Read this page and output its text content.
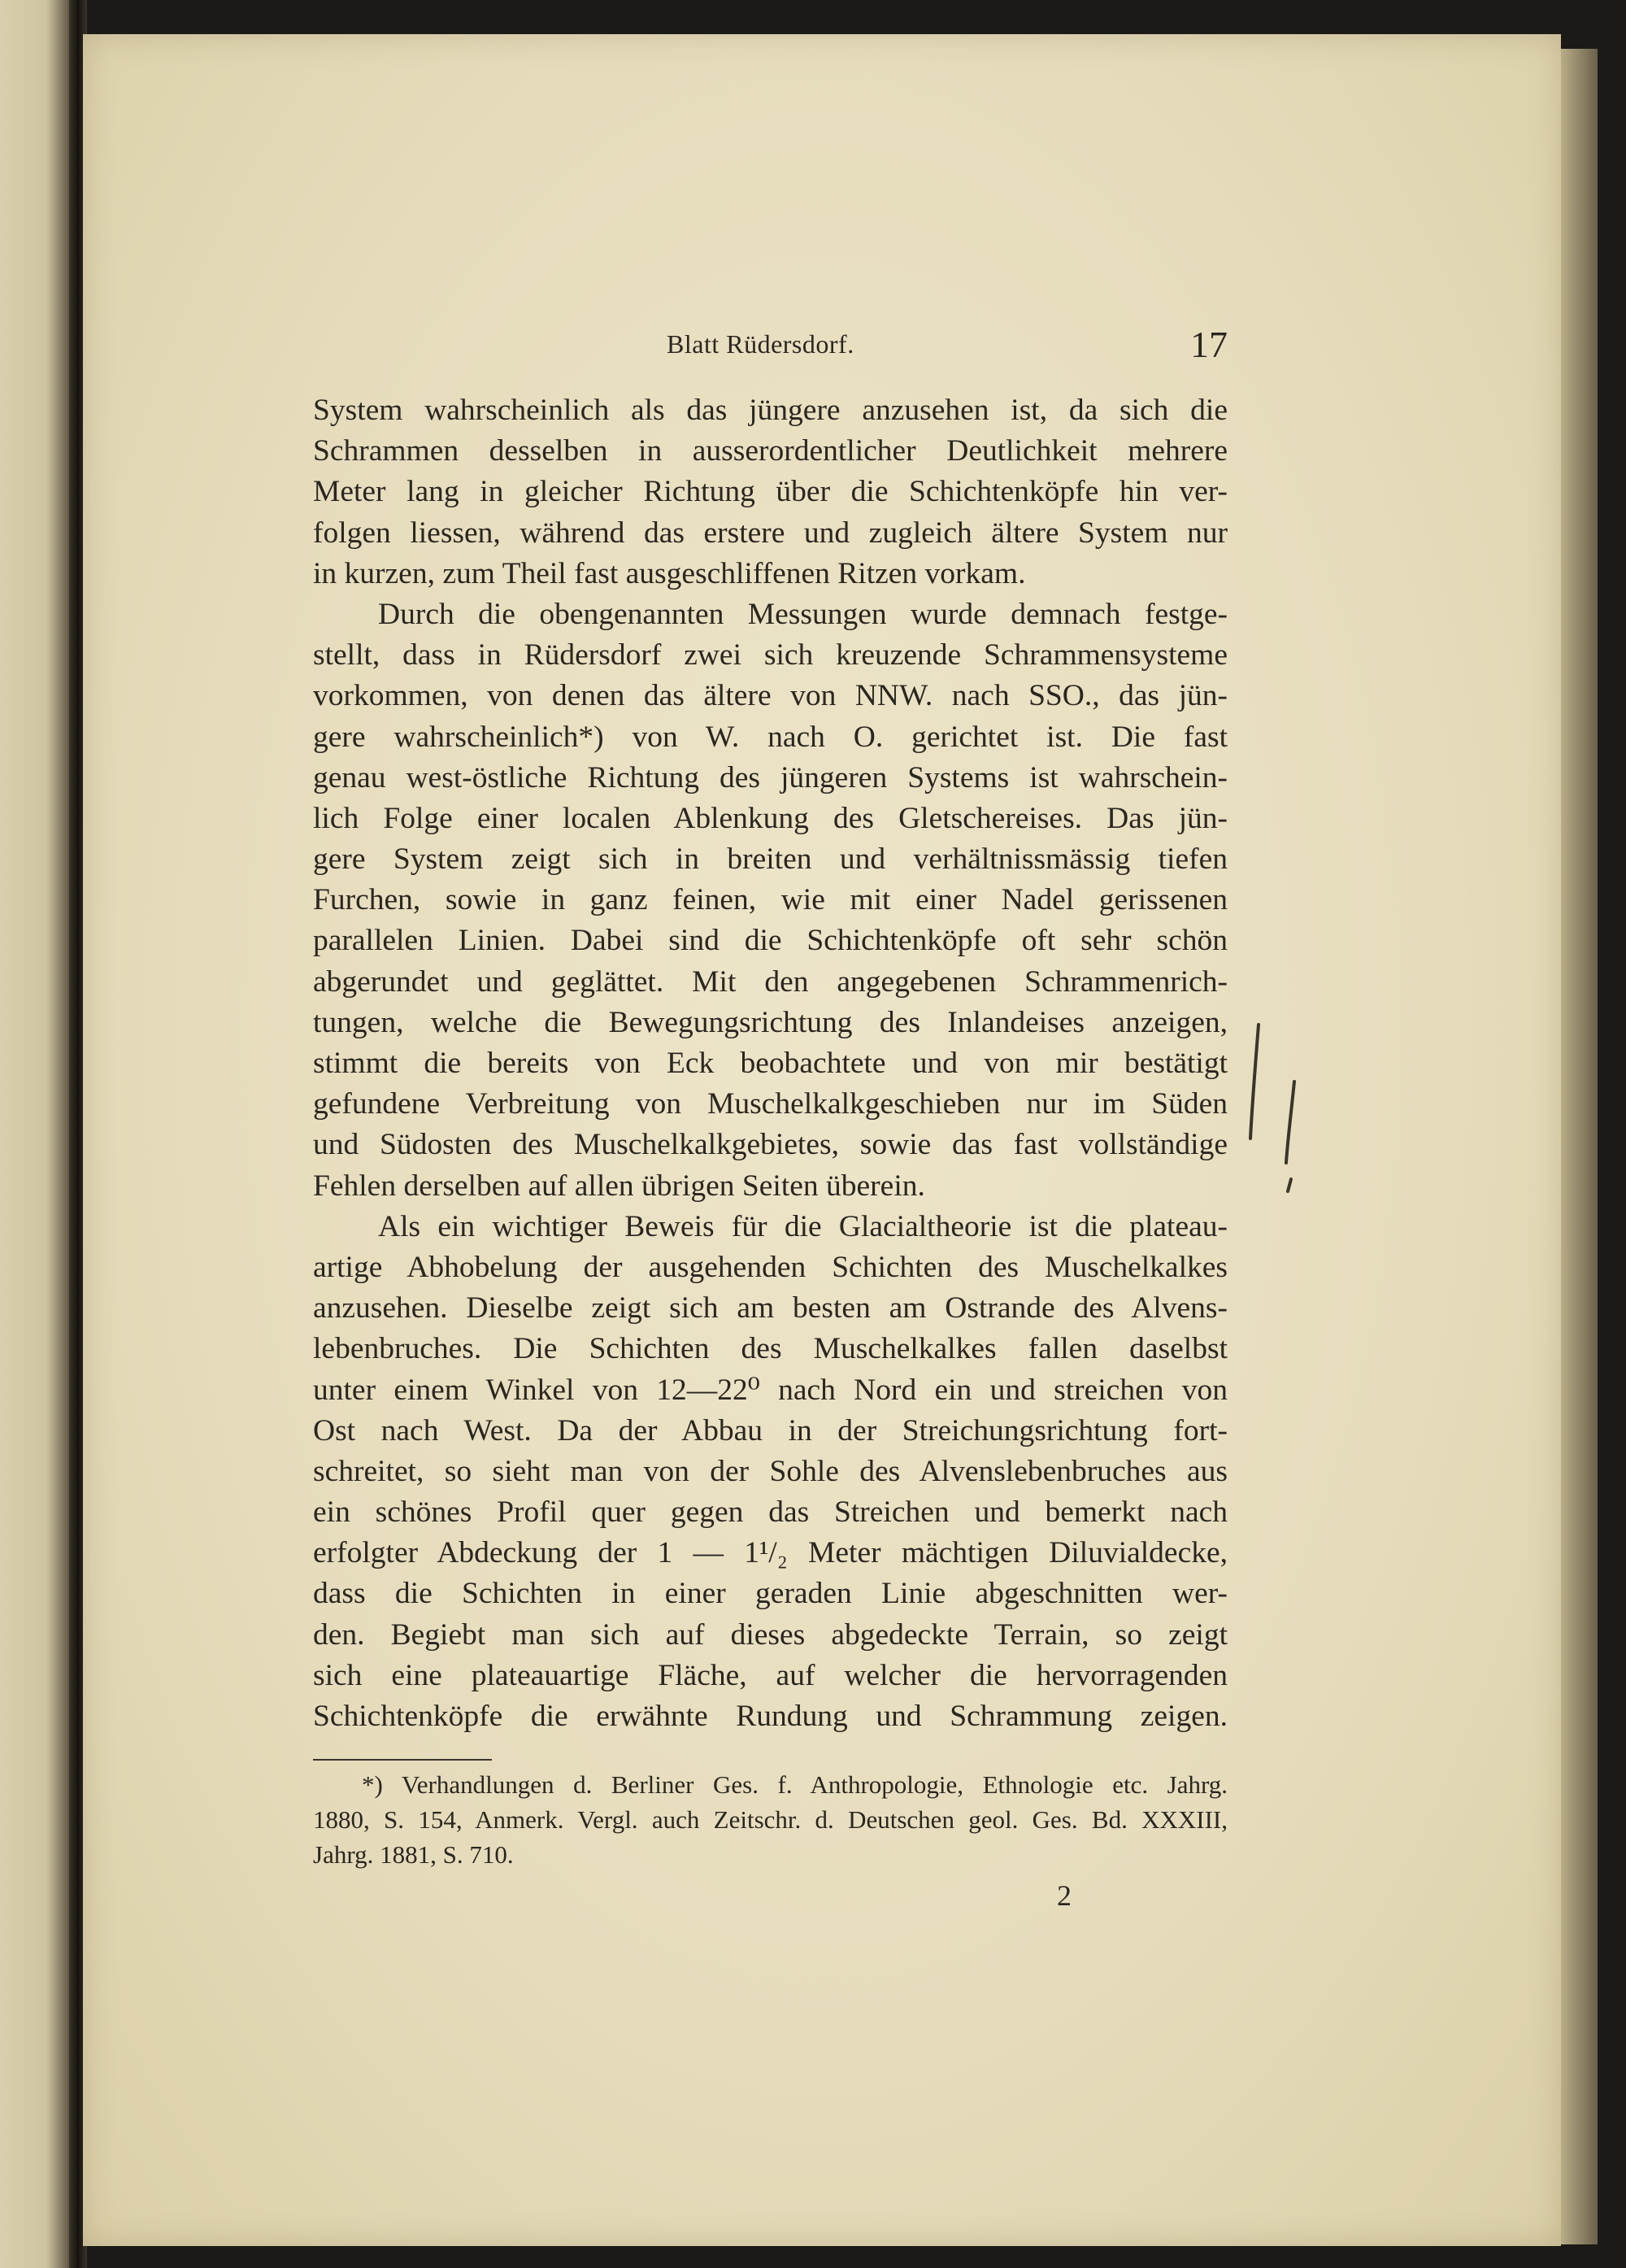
Blatt Rüdersdorf.	17
System wahrscheinlich als das jüngere anzusehen ist, da sich die
Schrammen desselben in ausserordentlicher Deutlichkeit mehrere
Meter lang in gleicher Richtung über die Schichtenköpfe hin ver-
folgen liessen, während das erstere und zugleich ältere System nur
in kurzen, zum Theil fast ausgeschliffenen Ritzen vorkam.
Durch die obengenannten Messungen wurde demnach festge-
stellt, dass in Rüdersdorf zwei sich kreuzende Schrammensysteme
vorkommen, von denen das ältere von NNW. nach SSO., das jün-
gere wahrscheinlich*) von W. nach O. gerichtet ist. Die fast
genau west-östliche Richtung des jüngeren Systems ist wahrschein-
lich Folge einer localen Ablenkung des Gletschereises. Das jün-
gere System zeigt sich in breiten und verhältnissmässig tiefen
Furchen, sowie in ganz feinen, wie mit einer Nadel gerissenen
parallelen Linien. Dabei sind die Schichtenköpfe oft sehr schön
abgerundet und geglättet. Mit den angegebenen Schrammenrich-
tungen, welche die Bewegungsrichtung des Inlandeises anzeigen,
stimmt die bereits von Eck beobachtete und von mir bestätigt
gefundene Verbreitung von Muschelkalkgeschieben nur im Süden
und Südosten des Muschelkalkgebietes, sowie das fast vollständige
Fehlen derselben auf allen übrigen Seiten überein.
Als ein wichtiger Beweis für die Glacialtheorie ist die plateau-
artige Abhobelung der ausgehenden Schichten des Muschelkalkes
anzusehen. Dieselbe zeigt sich am besten am Ostrande des Alvens-
lebenbruches. Die Schichten des Muschelkalkes fallen daselbst
unter einem Winkel von 12—22⁰ nach Nord ein und streichen von
Ost nach West. Da der Abbau in der Streichungsrichtung fort-
schreitet, so sieht man von der Sohle des Alvenslebenbruches aus
ein schönes Profil quer gegen das Streichen und bemerkt nach
erfolgter Abdeckung der 1 — 1¹/₂ Meter mächtigen Diluvialdecke,
dass die Schichten in einer geraden Linie abgeschnitten wer-
den. Begiebt man sich auf dieses abgedeckte Terrain, so zeigt
sich eine plateauartige Fläche, auf welcher die hervorragenden
Schichtenköpfe die erwähnte Rundung und Schrammung zeigen.
*) Verhandlungen d. Berliner Ges. f. Anthropologie, Ethnologie etc. Jahrg.
1880, S. 154, Anmerk. Vergl. auch Zeitschr. d. Deutschen geol. Ges. Bd. XXXIII,
Jahrg. 1881, S. 710.
2
